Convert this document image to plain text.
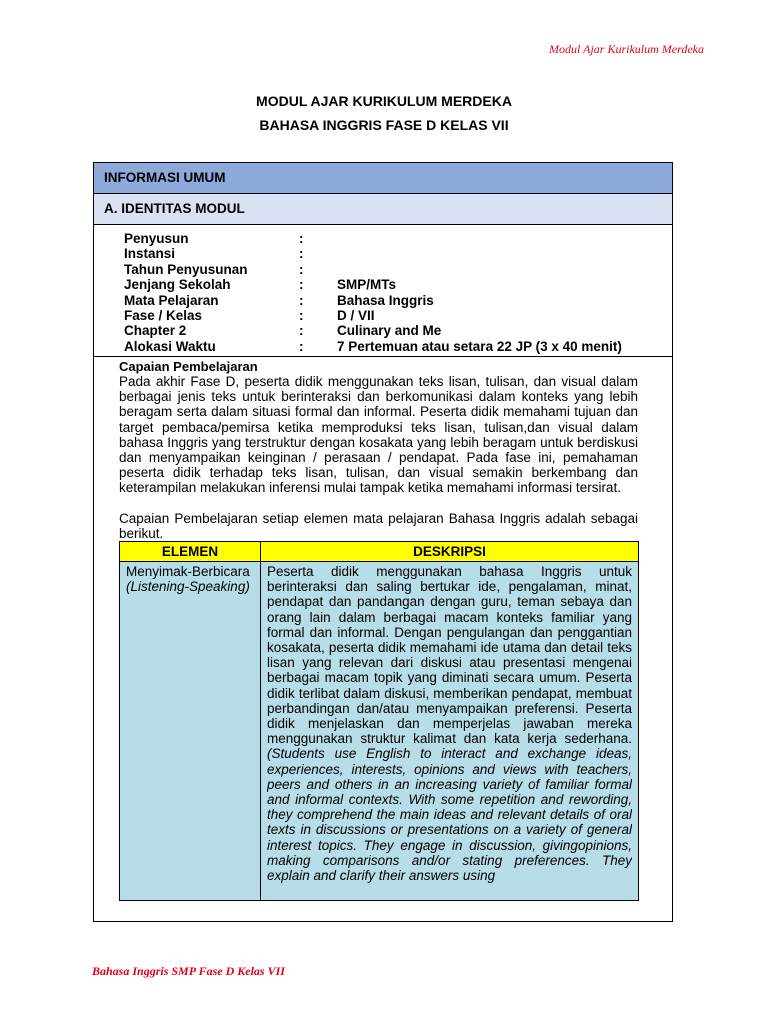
Modul Ajar Kurikulum Merdeka
MODUL AJAR KURIKULUM MERDEKA
BAHASA INGGRIS FASE D KELAS VII
INFORMASI UMUM
A. IDENTITAS MODUL
Penyusun	:
Instansi	:
Tahun Penyusunan	:
Jenjang Sekolah	: SMP/MTs
Mata Pelajaran	: Bahasa Inggris
Fase / Kelas	: D / VII
Chapter 2	: Culinary and Me
Alokasi Waktu	: 7 Pertemuan atau setara 22 JP (3 x 40 menit)
Capaian Pembelajaran

Pada akhir Fase D, peserta didik menggunakan teks lisan, tulisan, dan visual dalam berbagai jenis teks untuk berinteraksi dan berkomunikasi dalam konteks yang lebih beragam serta dalam situasi formal dan informal. Peserta didik memahami tujuan dan target pembaca/pemirsa ketika memproduksi teks lisan, tulisan,dan visual dalam bahasa Inggris yang terstruktur dengan kosakata yang lebih beragam untuk berdiskusi dan menyampaikan keinginan / perasaan / pendapat. Pada fase ini, pemahaman peserta didik terhadap teks lisan, tulisan, dan visual semakin berkembang dan keterampilan melakukan inferensi mulai tampak ketika memahami informasi tersirat.

Capaian Pembelajaran setiap elemen mata pelajaran Bahasa Inggris adalah sebagai berikut.

ELEMEN	DESKRIPSI
Menyimak-Berbicara
(Listening-Speaking)	Peserta didik menggunakan bahasa Inggris untuk berinteraksi dan saling bertukar ide, pengalaman, minat, pendapat dan pandangan dengan guru, teman sebaya dan orang lain dalam berbagai macam konteks familiar yang formal dan informal. Dengan pengulangan dan penggantian kosakata, peserta didik memahami ide utama dan detail teks lisan yang relevan dari diskusi atau presentasi mengenai berbagai macam topik yang diminati secara umum. Peserta didik terlibat dalam diskusi, memberikan pendapat, membuat perbandingan dan/atau menyampaikan preferensi. Peserta didik menjelaskan dan memperjelas jawaban mereka menggunakan struktur kalimat dan kata kerja sederhana. (Students use English to interact and exchange ideas, experiences, interests, opinions and views with teachers, peers and others in an increasing variety of familiar formal and informal contexts. With some repetition and rewording, they comprehend the main ideas and relevant details of oral texts in discussions or presentations on a variety of general interest topics. They engage in discussion, givingopinions, making comparisons and/or stating preferences. They explain and clarify their answers using
Bahasa Inggris SMP Fase D Kelas VII
